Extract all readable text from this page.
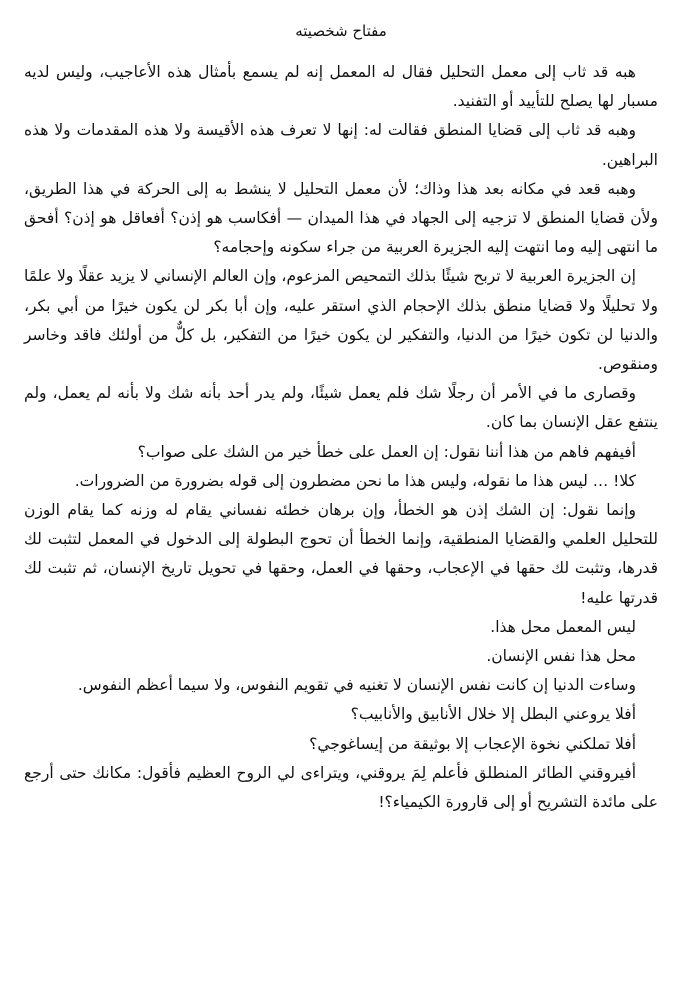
مفتاح شخصيته

هبه قد ثاب إلى معمل التحليل فقال له المعمل إنه لم يسمع بأمثال هذه الأعاجيب، وليس لديه مسبار لها يصلح للتأييد أو التفنيد.

وهبه قد ثاب إلى قضايا المنطق فقالت له: إنها لا تعرف هذه الأقيسة ولا هذه المقدمات ولا هذه البراهين.

وهبه قعد في مكانه بعد هذا وذاك؛ لأن معمل التحليل لا ينشط به إلى الحركة في هذا الطريق، ولأن قضايا المنطق لا تزجيه إلى الجهاد في هذا الميدان — أفكاسب هو إذن؟ أفعاقل هو إذن؟ أفحق ما انتهى إليه وما انتهت إليه الجزيرة العربية من جراء سكونه وإحجامه؟

إن الجزيرة العربية لا تربح شيئًا بذلك التمحيص المزعوم، وإن العالم الإنساني لا يزيد عقلًا ولا علمًا ولا تحليلًا ولا قضايا منطق بذلك الإحجام الذي استقر عليه، وإن أبا بكر لن يكون خيرًا من أبي بكر، والدنيا لن تكون خيرًا من الدنيا، والتفكير لن يكون خيرًا من التفكير، بل كلٌّ من أولئك فاقد وخاسر ومنقوص.

وقصارى ما في الأمر أن رجلًا شك فلم يعمل شيئًا، ولم يدر أحد بأنه شك ولا بأنه لم يعمل، ولم ينتفع عقل الإنسان بما كان.

أفيفهم فاهم من هذا أننا نقول: إن العمل على خطأ خير من الشك على صواب؟

كلا! … ليس هذا ما نقوله، وليس هذا ما نحن مضطرون إلى قوله بضرورة من الضرورات.

وإنما نقول: إن الشك إذن هو الخطأ، وإن برهان خطئه نفساني يقام له وزنه كما يقام الوزن للتحليل العلمي والقضايا المنطقية، وإنما الخطأ أن تحوج البطولة إلى الدخول في المعمل لتثبت لك قدرها، وتثبت لك حقها في الإعجاب، وحقها في العمل، وحقها في تحويل تاريخ الإنسان، ثم تثبت لك قدرتها عليه!

ليس المعمل محل هذا.

محل هذا نفس الإنسان.

وساءت الدنيا إن كانت نفس الإنسان لا تغنيه في تقويم النفوس، ولا سيما أعظم النفوس.

أفلا يروعني البطل إلا خلال الأنابيق والأنابيب؟

أفلا تملكني نخوة الإعجاب إلا بوثيقة من إيساغوجي؟

أفيروقني الطائر المنطلق فأعلم لِمَ يروقني، ويتراءى لي الروح العظيم فأقول: مكانك حتى أرجع على مائدة التشريح أو إلى قارورة الكيمياء؟!
